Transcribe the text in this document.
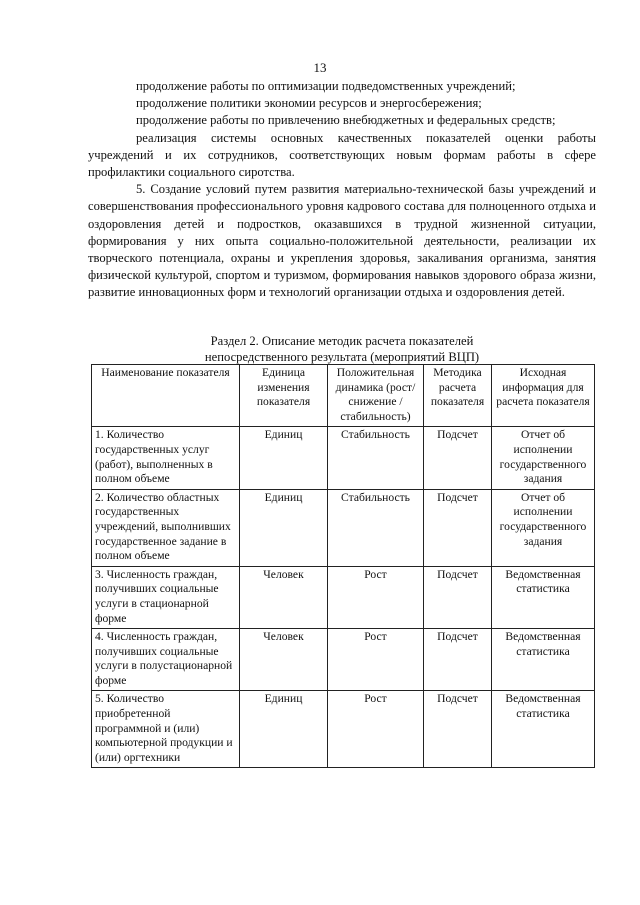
13

продолжение работы по оптимизации подведомственных учреждений;

продолжение политики экономии ресурсов и энергосбережения;

продолжение работы по привлечению внебюджетных и федеральных средств;

реализация системы основных качественных показателей оценки работы учреждений и их сотрудников, соответствующих новым формам работы в сфере профилактики социального сиротства.

5. Создание условий путем развития материально-технической базы учреждений и совершенствования профессионального уровня кадрового состава для полноценного отдыха и оздоровления детей и подростков, оказавшихся в трудной жизненной ситуации, формирования у них опыта социально-положительной деятельности, реализации их творческого потенциала, охраны и укрепления здоровья, закаливания организма, занятия физической культурой, спортом и туризмом, формирования навыков здорового образа жизни, развитие инновационных форм и технологий организации отдыха и оздоровления детей.

Раздел 2. Описание методик расчета показателей
непосредственного результата (мероприятий ВЦП)
Наименование показателя	Единица изменения показателя	Положительная динамика (рост/снижение /стабильность)	Методика расчета показателя	Исходная информация для расчета показателя
1. Количество государственных услуг (работ), выполненных в полном объеме	Единиц	Стабильность	Подсчет	Отчет об исполнении государственного задания
2. Количество областных государственных учреждений, выполнивших государственное задание в полном объеме	Единиц	Стабильность	Подсчет	Отчет об исполнении государственного задания
3. Численность граждан, получивших социальные услуги в стационарной форме	Человек	Рост	Подсчет	Ведомственная статистика
4. Численность граждан, получивших социальные услуги в полустационарной форме	Человек	Рост	Подсчет	Ведомственная статистика
5. Количество приобретенной программной и (или) компьютерной продукции и (или) оргтехники	Единиц	Рост	Подсчет	Ведомственная статистика
